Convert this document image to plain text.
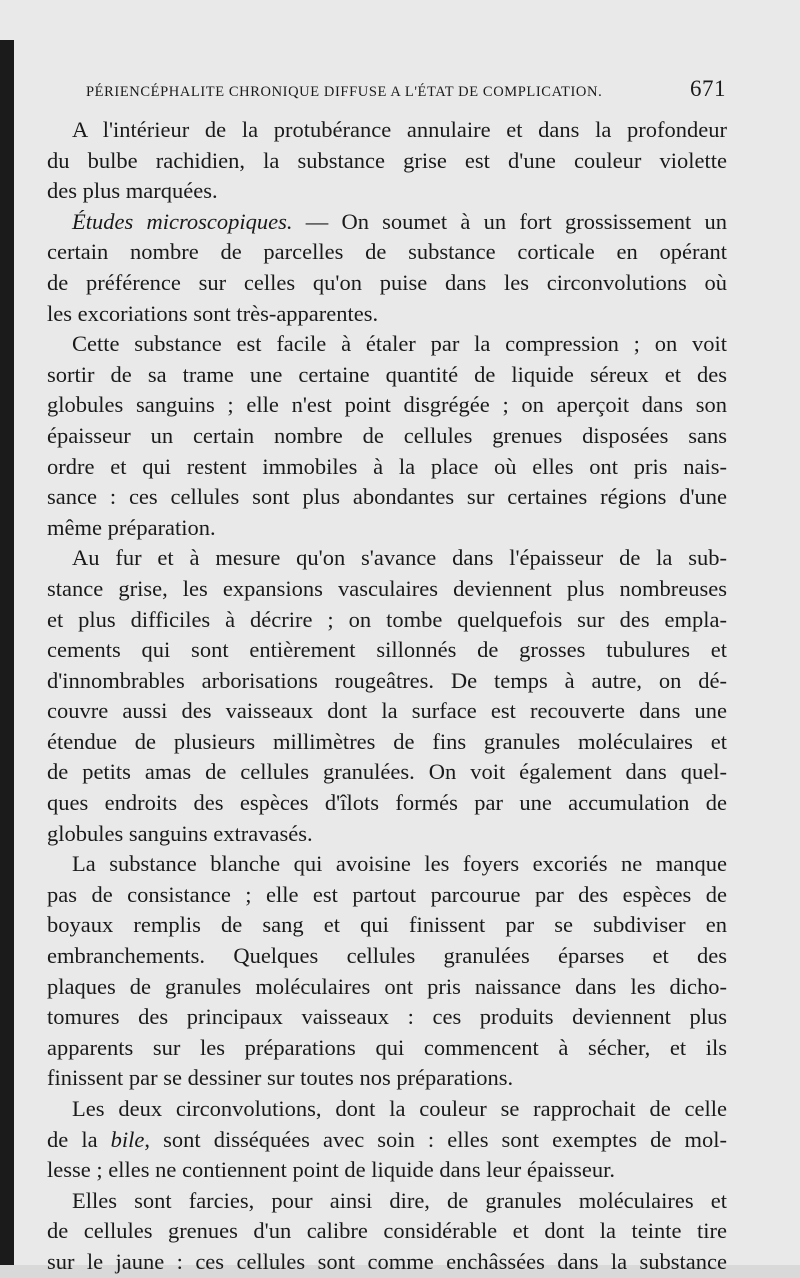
PÉRIENCÉPHALITE CHRONIQUE DIFFUSE A L'ÉTAT DE COMPLICATION.	671
A l'intérieur de la protubérance annulaire et dans la profondeur
du bulbe rachidien, la substance grise est d'une couleur violette
des plus marquées.
Études microscopiques. — On soumet à un fort grossissement un
certain nombre de parcelles de substance corticale en opérant
de préférence sur celles qu'on puise dans les circonvolutions où
les excoriations sont très-apparentes.
Cette substance est facile à étaler par la compression ; on voit
sortir de sa trame une certaine quantité de liquide séreux et des
globules sanguins ; elle n'est point disgrégée ; on aperçoit dans son
épaisseur un certain nombre de cellules grenues disposées sans
ordre et qui restent immobiles à la place où elles ont pris nais-
sance : ces cellules sont plus abondantes sur certaines régions d'une
même préparation.
Au fur et à mesure qu'on s'avance dans l'épaisseur de la sub-
stance grise, les expansions vasculaires deviennent plus nombreuses
et plus difficiles à décrire ; on tombe quelquefois sur des empla-
cements qui sont entièrement sillonnés de grosses tubulures et
d'innombrables arborisations rougeâtres. De temps à autre, on dé-
couvre aussi des vaisseaux dont la surface est recouverte dans une
étendue de plusieurs millimètres de fins granules moléculaires et
de petits amas de cellules granulées. On voit également dans quel-
ques endroits des espèces d'îlots formés par une accumulation de
globules sanguins extravasés.
La substance blanche qui avoisine les foyers excoriés ne manque
pas de consistance ; elle est partout parcourue par des espèces de
boyaux remplis de sang et qui finissent par se subdiviser en
embranchements. Quelques cellules granulées éparses et des
plaques de granules moléculaires ont pris naissance dans les dicho-
tomures des principaux vaisseaux : ces produits deviennent plus
apparents sur les préparations qui commencent à sécher, et ils
finissent par se dessiner sur toutes nos préparations.
Les deux circonvolutions, dont la couleur se rapprochait de celle
de la bile, sont disséquées avec soin : elles sont exemptes de mol-
lesse ; elles ne contiennent point de liquide dans leur épaisseur.
Elles sont farcies, pour ainsi dire, de granules moléculaires et
de cellules grenues d'un calibre considérable et dont la teinte tire
sur le jaune : ces cellules sont comme enchâssées dans la substance
